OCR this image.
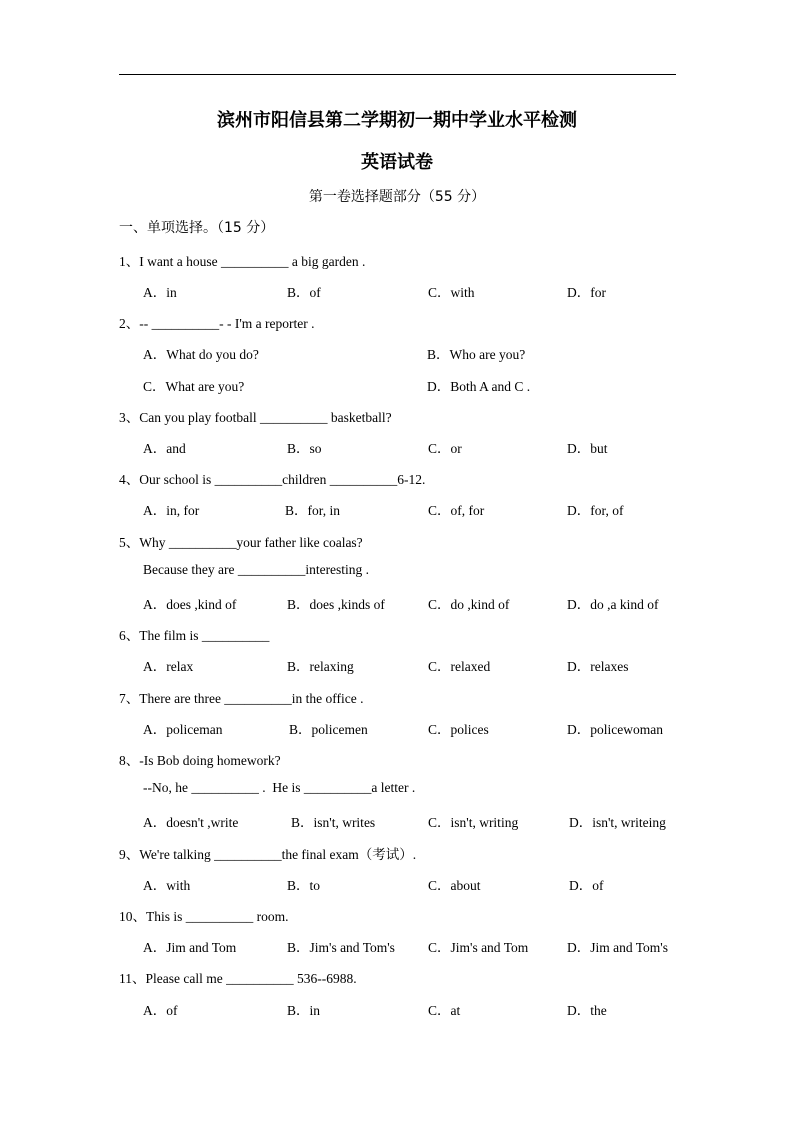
滨州市阳信县第二学期初一期中学业水平检测
英语试卷
第一卷选择题部分（55 分）
一、单项选择。（15 分）
1、I want a house __________ a big garden .
A．in	B．of	C．with	D．for
2、-- __________- - I'm a reporter .
A．What do you do?	B．Who are you?
C．What are you?	D．Both A and C .
3、Can you play football __________ basketball?
A．and	B．so	C．or	D．but
4、Our school is __________children __________6-12.
A．in, for	B．for, in	C．of, for	D．for, of
5、Why __________your father like coalas?
Because they are __________interesting .
A．does ,kind of	B．does ,kinds of	C．do ,kind of	D．do ,a kind of
6、The film is __________
A．relax	B．relaxing	C．relaxed	D．relaxes
7、There are three __________in the office .
A．policeman	B．policemen	C．polices	D．policewoman
8、-Is Bob doing homework?
--No, he __________ .  He is __________a letter .
A．doesn't ,write	B．isn't, writes	C．isn't, writing	D．isn't, writeing
9、We're talking __________the final exam（考试）.
A．with	B．to	C．about	D．of
10、This is __________ room.
A．Jim and Tom	B．Jim's and Tom's C．Jim's and Tom	D．Jim and Tom's
11、Please call me __________ 536--6988.
A．of	B．in	C．at	D．the
